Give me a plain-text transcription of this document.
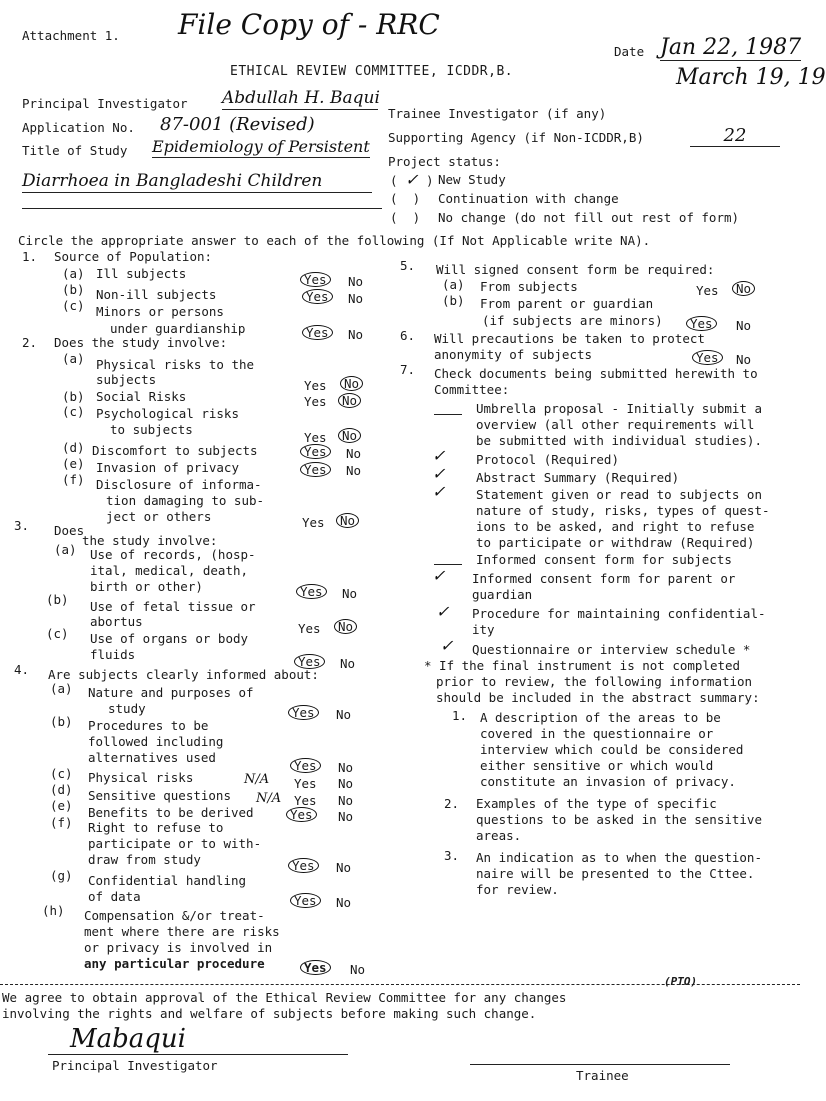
Attachment 1. File Copy of - RRC
Date Jan 22, 1987
March 19, 19
ETHICAL REVIEW COMMITTEE, ICDDR,B.
Principal Investigator Abdullah H. Baqui
Application No. 87-001 (Revised)
Title of Study Epidemiology of Persistent
Diarrhoea in Bangladeshi Children
Trainee Investigator (if any)
Supporting Agency (if Non-ICDDR,B)	22
Project status:
( ✓ ) New Study
(  ) Continuation with change
(  ) No change (do not fill out rest of form)
Circle the appropriate answer to each of the following (If Not Applicable write NA).
1. Source of Population:
(a) Ill subjects	Yes	No
(b) Non-ill subjects	Yes	No
(c) Minors or persons
under guardianship	Yes	No
2. Does the study involve:
(a) Physical risks to the
subjects	Yes	No
(b) Social Risks	Yes	No
(c) Psychological risks
to subjects
Yes	No
(d) Discomfort to subjects	Yes	No
(e) Invasion of privacy	Yes	No
(f) Disclosure of informa-
tion damaging to sub-
ject or others	Yes	No
3. Does
the study involve:
(a) Use of records, (hosp-
ital, medical, death,
birth or other)	Yes	No
(b) Use of fetal tissue or
abortus	Yes	No
(c) Use of organs or body
fluids	Yes	No
4. Are subjects clearly informed about:
(a) Nature and purposes of
study	Yes	No
(b) Procedures to be
followed including
alternatives used
Yes	No
(c) Physical risks	N/A Yes No
(d) Sensitive questions N/A Yes No
(e) Benefits to be derived	Yes	No
(f) Right to refuse to
participate or to with-
draw from study	Yes	No
(g) Confidential handling
of data	Yes	No
(h) Compensation &/or treat-
ment where there are risks
or privacy is involved in
any particular procedure	Yes	No
5. Will signed consent form be required:
(a) From subjects	Yes	No
(b) From parent or guardian
(if subjects are minors)	Yes	No
6. Will precautions be taken to protect
anonymity of subjects	Yes	No
7. Check documents being submitted herewith to
Committee:
Umbrella proposal - Initially submit a
overview (all other requirements will
be submitted with individual studies).
✓ Protocol (Required)
✓ Abstract Summary (Required)
✓ Statement given or read to subjects on
nature of study, risks, types of quest-
ions to be asked, and right to refuse
to participate or withdraw (Required)
Informed consent form for subjects
✓ Informed consent form for parent or
guardian
✓ Procedure for maintaining confidential-
ity
✓ Questionnaire or interview schedule *
* If the final instrument is not completed
prior to review, the following information
should be included in the abstract summary:
1. A description of the areas to be
covered in the questionnaire or
interview which could be considered
either sensitive or which would
constitute an invasion of privacy.
2. Examples of the type of specific
questions to be asked in the sensitive
areas.
3. An indication as to when the question-
naire will be presented to the Cttee.
for review.
(PTO)
We agree to obtain approval of the Ethical Review Committee for any changes
involving the rights and welfare of subjects before making such change.
Mabaqui
Principal Investigator
Trainee
